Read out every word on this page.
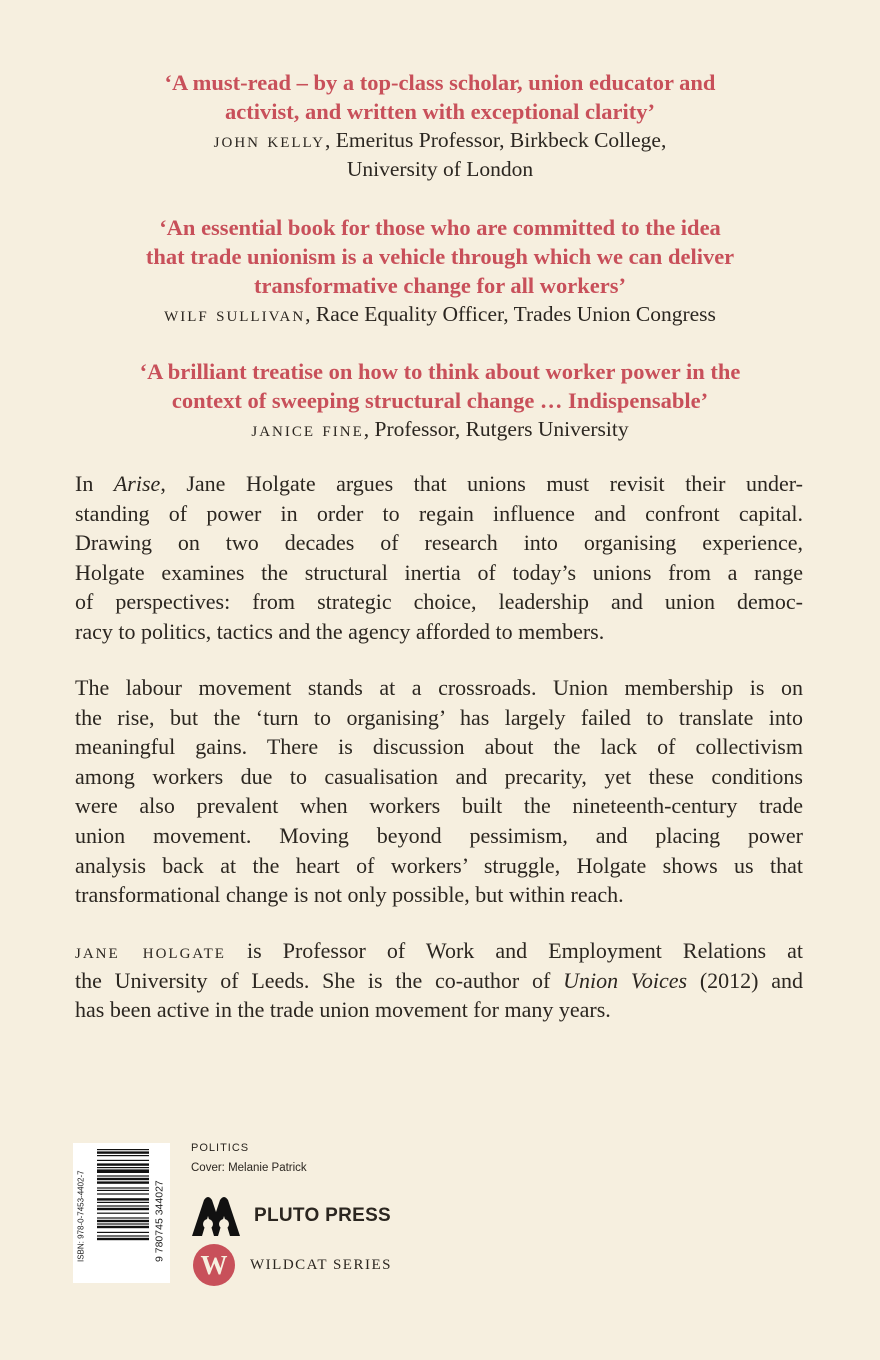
‘A must-read – by a top-class scholar, union educator and
activist, and written with exceptional clarity’
john kelly, Emeritus Professor, Birkbeck College,
University of London
‘An essential book for those who are committed to the idea
that trade unionism is a vehicle through which we can deliver
transformative change for all workers’
wilf sullivan, Race Equality Officer, Trades Union Congress
‘A brilliant treatise on how to think about worker power in the
context of sweeping structural change … Indispensable’
janice fine, Professor, Rutgers University
In Arise, Jane Holgate argues that unions must revisit their under-
standing of power in order to regain influence and confront capital.
Drawing on two decades of research into organising experience,
Holgate examines the structural inertia of today’s unions from a range
of perspectives: from strategic choice, leadership and union democ-
racy to politics, tactics and the agency afforded to members.
The labour movement stands at a crossroads. Union membership is on
the rise, but the ‘turn to organising’ has largely failed to translate into
meaningful gains. There is discussion about the lack of collectivism
among workers due to casualisation and precarity, yet these conditions
were also prevalent when workers built the nineteenth-century trade
union movement. Moving beyond pessimism, and placing power
analysis back at the heart of workers’ struggle, Holgate shows us that
transformational change is not only possible, but within reach.
jane holgate is Professor of Work and Employment Relations at
the University of Leeds. She is the co-author of Union Voices (2012) and
has been active in the trade union movement for many years.
ISBN: 978-0-7453-4402-7	9 780745 344027
POLITICS
Cover: Melanie Patrick
PLUTO PRESS
W WILDCAT SERIES
